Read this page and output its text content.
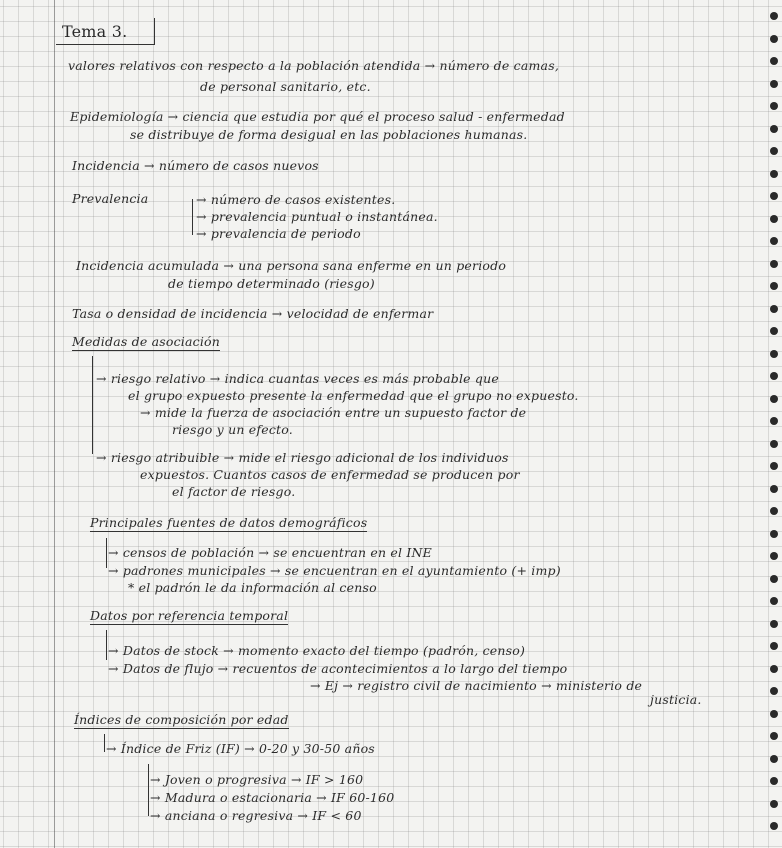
Tema 3.
valores relativos con respecto a la población atendida → número de camas,
de personal sanitario, etc.
Epidemiología → ciencia que estudia por qué el proceso salud - enfermedad
se distribuye de forma desigual en las poblaciones humanas.
Incidencia → número de casos nuevos
Prevalencia	→ número de casos existentes.
→ prevalencia puntual o instantánea.
→ prevalencia de periodo
Incidencia acumulada → una persona sana enferme en un periodo
de tiempo determinado (riesgo)
Tasa o densidad de incidencia → velocidad de enfermar
Medidas de asociación
→ riesgo relativo → indica cuantas veces es más probable que
el grupo expuesto presente la enfermedad que el grupo no expuesto.
→ mide la fuerza de asociación entre un supuesto factor de
riesgo y un efecto.
→ riesgo atribuible → mide el riesgo adicional de los individuos
expuestos. Cuantos casos de enfermedad se producen por
el factor de riesgo.
Principales fuentes de datos demográficos
→ censos de población → se encuentran en el INE
→ padrones municipales → se encuentran en el ayuntamiento (+ imp)
* el padrón le da información al censo
Datos por referencia temporal
→ Datos de stock → momento exacto del tiempo (padrón, censo)
→ Datos de flujo → recuentos de acontecimientos a lo largo del tiempo
→ Ej → registro civil de nacimiento → ministerio de
justicia.
Índices de composición por edad
→ Índice de Friz (IF) → 0-20 y 30-50 años
→ Joven o progresiva → IF > 160
→ Madura o estacionaria → IF 60-160
→ anciana o regresiva → IF < 60
